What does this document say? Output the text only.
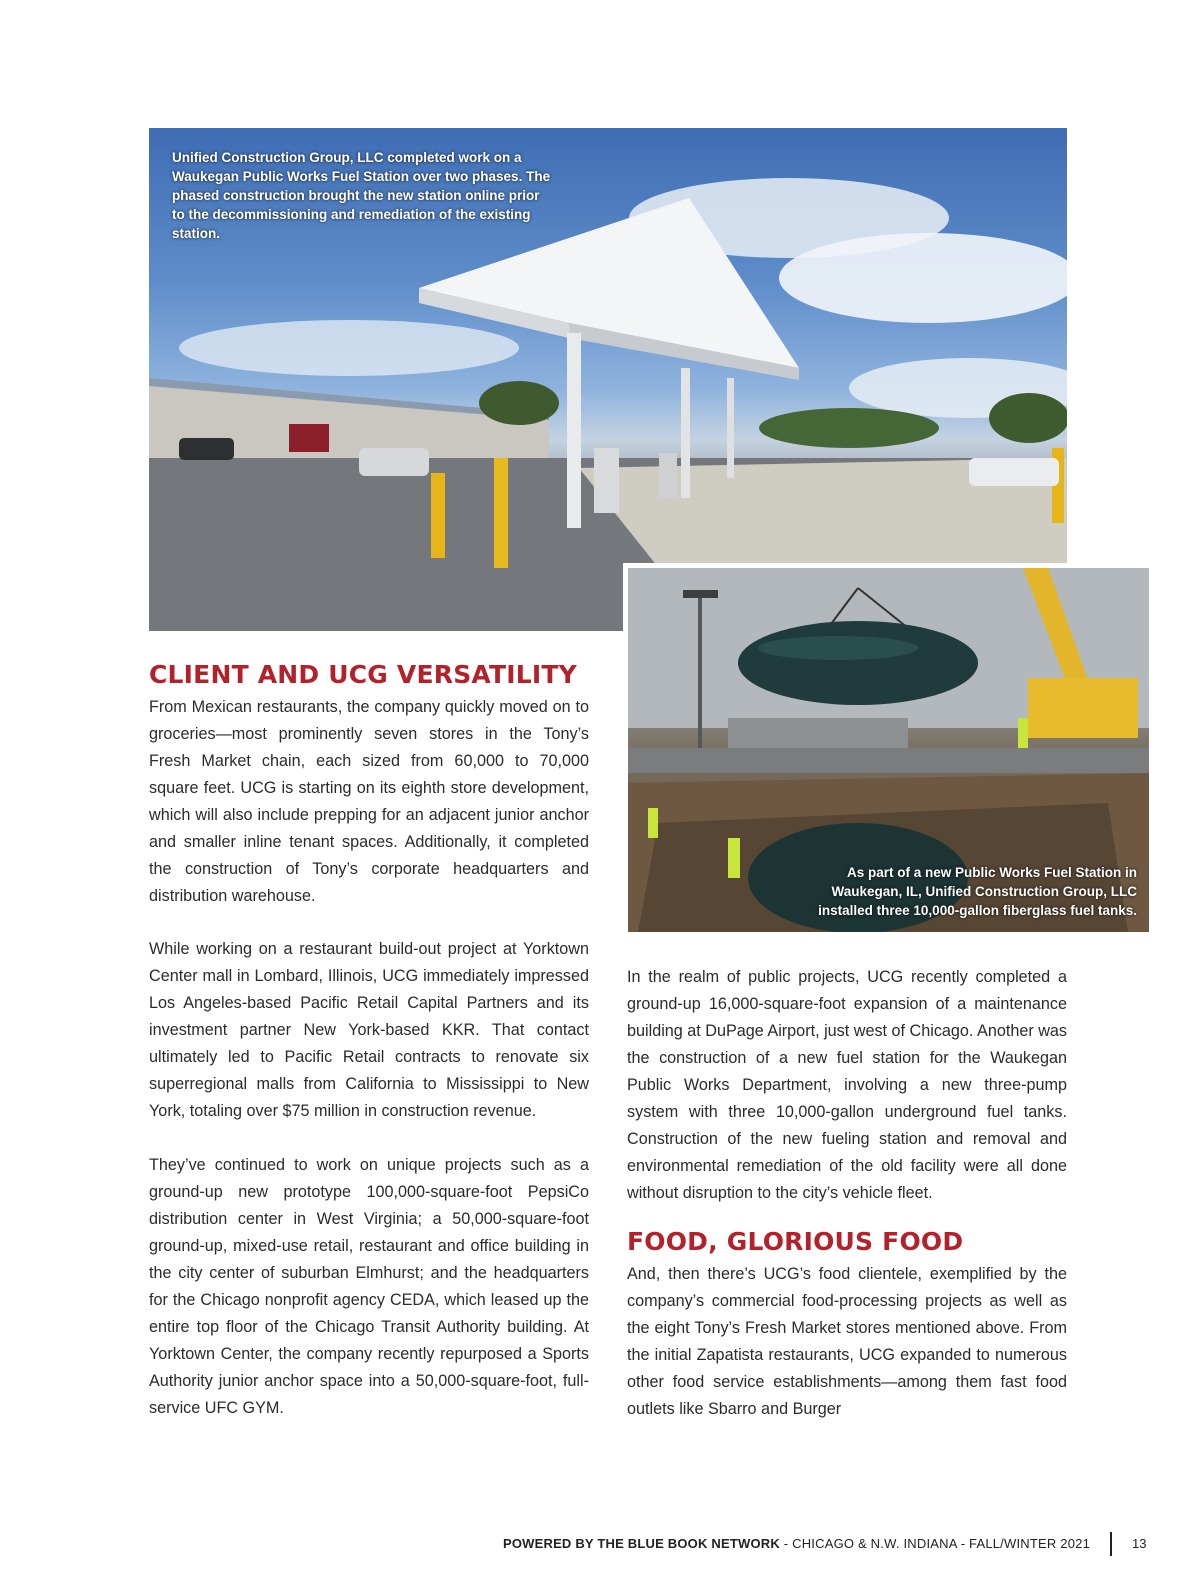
Unified Construction Group, LLC completed work on a Waukegan Public Works Fuel Station over two phases. The phased construction brought the new station online prior to the decommissioning and remediation of the existing station.
As part of a new Public Works Fuel Station in Waukegan, IL, Unified Construction Group, LLC installed three 10,000-gallon fiberglass fuel tanks.
CLIENT AND UCG VERSATILITY

From Mexican restaurants, the company quickly moved on to groceries—most prominently seven stores in the Tony’s Fresh Market chain, each sized from 60,000 to 70,000 square feet. UCG is starting on its eighth store development, which will also include prepping for an adjacent junior anchor and smaller inline tenant spaces. Additionally, it completed the construction of Tony’s corporate headquarters and distribution warehouse.

While working on a restaurant build-out project at Yorktown Center mall in Lombard, Illinois, UCG immediately impressed Los Angeles-based Pacific Retail Capital Partners and its investment partner New York-based KKR. That contact ultimately led to Pacific Retail contracts to renovate six superregional malls from California to Mississippi to New York, totaling over $75 million in construction revenue.

They’ve continued to work on unique projects such as a ground-up new prototype 100,000-square-foot PepsiCo distribution center in West Virginia; a 50,000-square-foot ground-up, mixed-use retail, restaurant and office building in the city center of suburban Elmhurst; and the headquarters for the Chicago nonprofit agency CEDA, which leased up the entire top floor of the Chicago Transit Authority building. At Yorktown Center, the company recently repurposed a Sports Authority junior anchor space into a 50,000-square-foot, full-service UFC GYM.

In the realm of public projects, UCG recently completed a ground-up 16,000-square-foot expansion of a maintenance building at DuPage Airport, just west of Chicago. Another was the construction of a new fuel station for the Waukegan Public Works Department, involving a new three-pump system with three 10,000-gallon underground fuel tanks. Construction of the new fueling station and removal and environmental remediation of the old facility were all done without disruption to the city’s vehicle fleet.

FOOD, GLORIOUS FOOD

And, then there’s UCG’s food clientele, exemplified by the company’s commercial food-processing projects as well as the eight Tony’s Fresh Market stores mentioned above. From the initial Zapatista restaurants, UCG expanded to numerous other food service establishments—among them fast food outlets like Sbarro and Burger

POWERED BY THE BLUE BOOK NETWORK - CHICAGO & N.W. INDIANA - FALL/WINTER 2021	13
